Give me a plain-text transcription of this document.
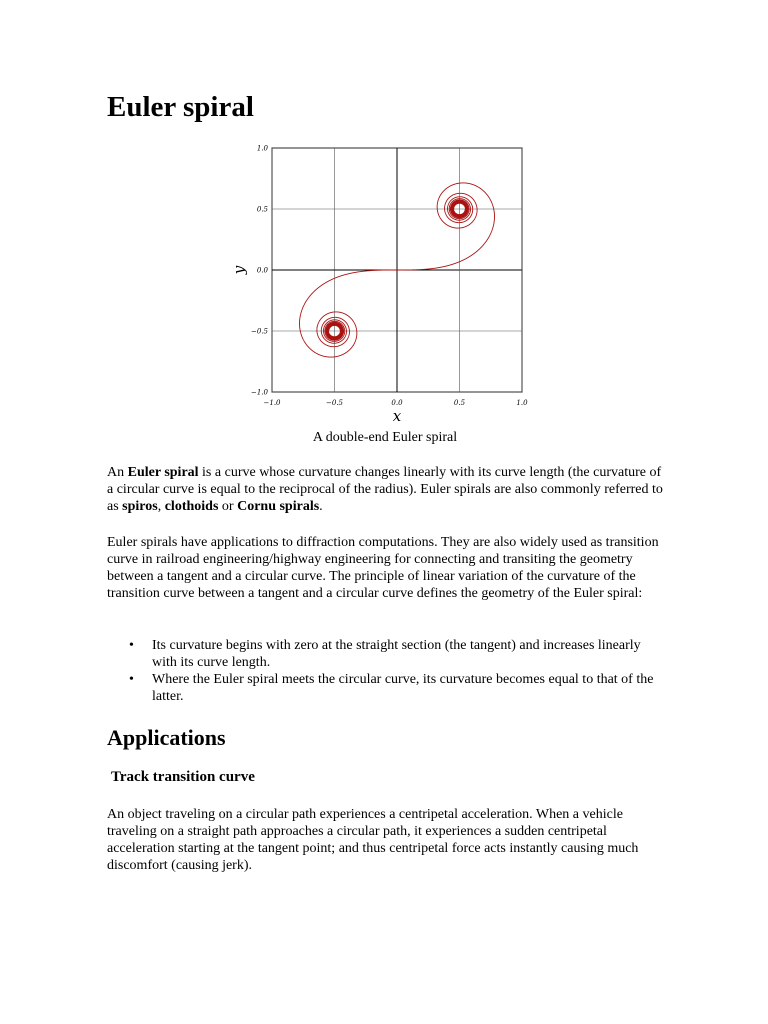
Euler spiral
−1.0	−0.5	0.0	0.5	1.0
1.0
0.5
0.0
−0.5
−1.0
x
y
A double-end Euler spiral

An Euler spiral is a curve whose curvature changes linearly with its curve length (the curvature of a circular curve is equal to the reciprocal of the radius). Euler spirals are also commonly referred to as spiros, clothoids or Cornu spirals.

Euler spirals have applications to diffraction computations. They are also widely used as transition curve in railroad engineering/highway engineering for connecting and transiting the geometry between a tangent and a circular curve. The principle of linear variation of the curvature of the transition curve between a tangent and a circular curve defines the geometry of the Euler spiral:

•	Its curvature begins with zero at the straight section (the tangent) and increases linearly with its curve length.
•	Where the Euler spiral meets the circular curve, its curvature becomes equal to that of the latter.
Applications
Track transition curve

An object traveling on a circular path experiences a centripetal acceleration. When a vehicle traveling on a straight path approaches a circular path, it experiences a sudden centripetal acceleration starting at the tangent point; and thus centripetal force acts instantly causing much discomfort (causing jerk).
